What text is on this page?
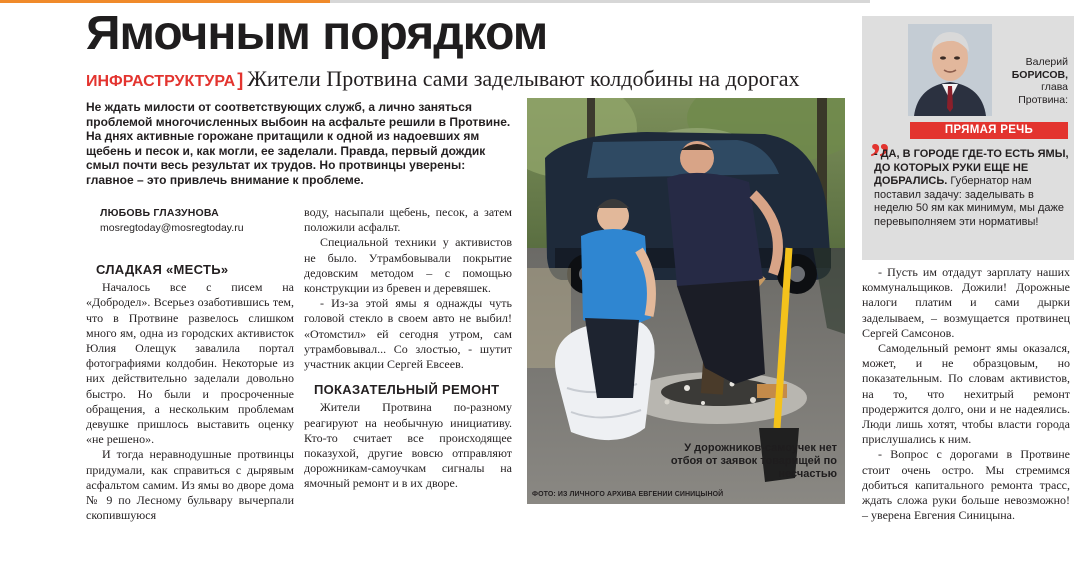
Ямочным порядком
ИНФРАСТРУКТУРА ] Жители Протвина сами заделывают колдобины на дорогах

Не ждать милости от соответствующих служб, а лично заняться проблемой многочисленных выбоин на асфальте решили в Протвине. На днях активные горожане притащили к одной из надоевших ям щебень и песок и, как могли, ее заделали. Правда, первый дождик смыл почти весь результат их трудов. Но протвинцы уверены: главное – это привлечь внимание к проблеме.

ЛЮБОВЬ ГЛАЗУНОВА
mosregtoday@mosregtoday.ru
СЛАДКАЯ «МЕСТЬ»

Началось все с писем на «Добродел». Всерьез озаботившись тем, что в Протвине развелось слишком много ям, одна из городских активисток Юлия Олещук завалила портал фотографиями колдобин. Некоторые из них действительно заделали довольно быстро. Но были и просроченные обращения, а нескольким проблемам девушке пришлось выставить оценку «не решено».

И тогда неравнодушные протвинцы придумали, как справиться с дырявым асфальтом самим. Из ямы во дворе дома № 9 по Лесному бульвару вычерпали скопившуюся

воду, насыпали щебень, песок, а затем положили асфальт.

Специальной техники у активистов не было. Утрамбовывали покрытие дедовским методом – с помощью конструкции из бревен и деревяшек.

- Из-за этой ямы я однажды чуть головой стекло в своем авто не выбил! «Отомстил» ей сегодня утром, сам утрамбовывал... Со злостью, - шутит участник акции Сергей Евсеев.

ПОКАЗАТЕЛЬНЫЙ РЕМОНТ

Жители Протвина по-разному реагируют на необычную инициативу. Кто-то считает все происходящее показухой, другие вовсю отправляют дорожникам-самоучкам сигналы на ямочный ремонт и в их дворе.

У дорожников-самоучек нет отбоя от заявок товарищей по несчастью
ФОТО: ИЗ ЛИЧНОГО АРХИВА ЕВГЕНИИ СИНИЦЫНОЙ
Валерий
БОРИСОВ,
глава Протвина:
„	ПРЯМАЯ РЕЧЬ
- ДА, В ГОРОДЕ ГДЕ-ТО ЕСТЬ ЯМЫ, ДО КОТОРЫХ РУКИ ЕЩЕ НЕ ДОБРАЛИСЬ. Губернатор нам поставил задачу: заделывать в неделю 50 ям как минимум, мы даже перевыполняем эти нормативы!

- Пусть им отдадут зарплату наших коммунальщиков. Дожили! Дорожные налоги платим и сами дырки заделываем, – возмущается протвинец Сергей Самсонов.

Самодельный ремонт ямы оказался, может, и не образцовым, но показательным. По словам активистов, на то, что нехитрый ремонт продержится долго, они и не надеялись. Люди лишь хотят, чтобы власти города прислушались к ним.

- Вопрос с дорогами в Протвине стоит очень остро. Мы стремимся добиться капитального ремонта трасс, ждать сложа руки больше невозможно! – уверена Евгения Синицына.
